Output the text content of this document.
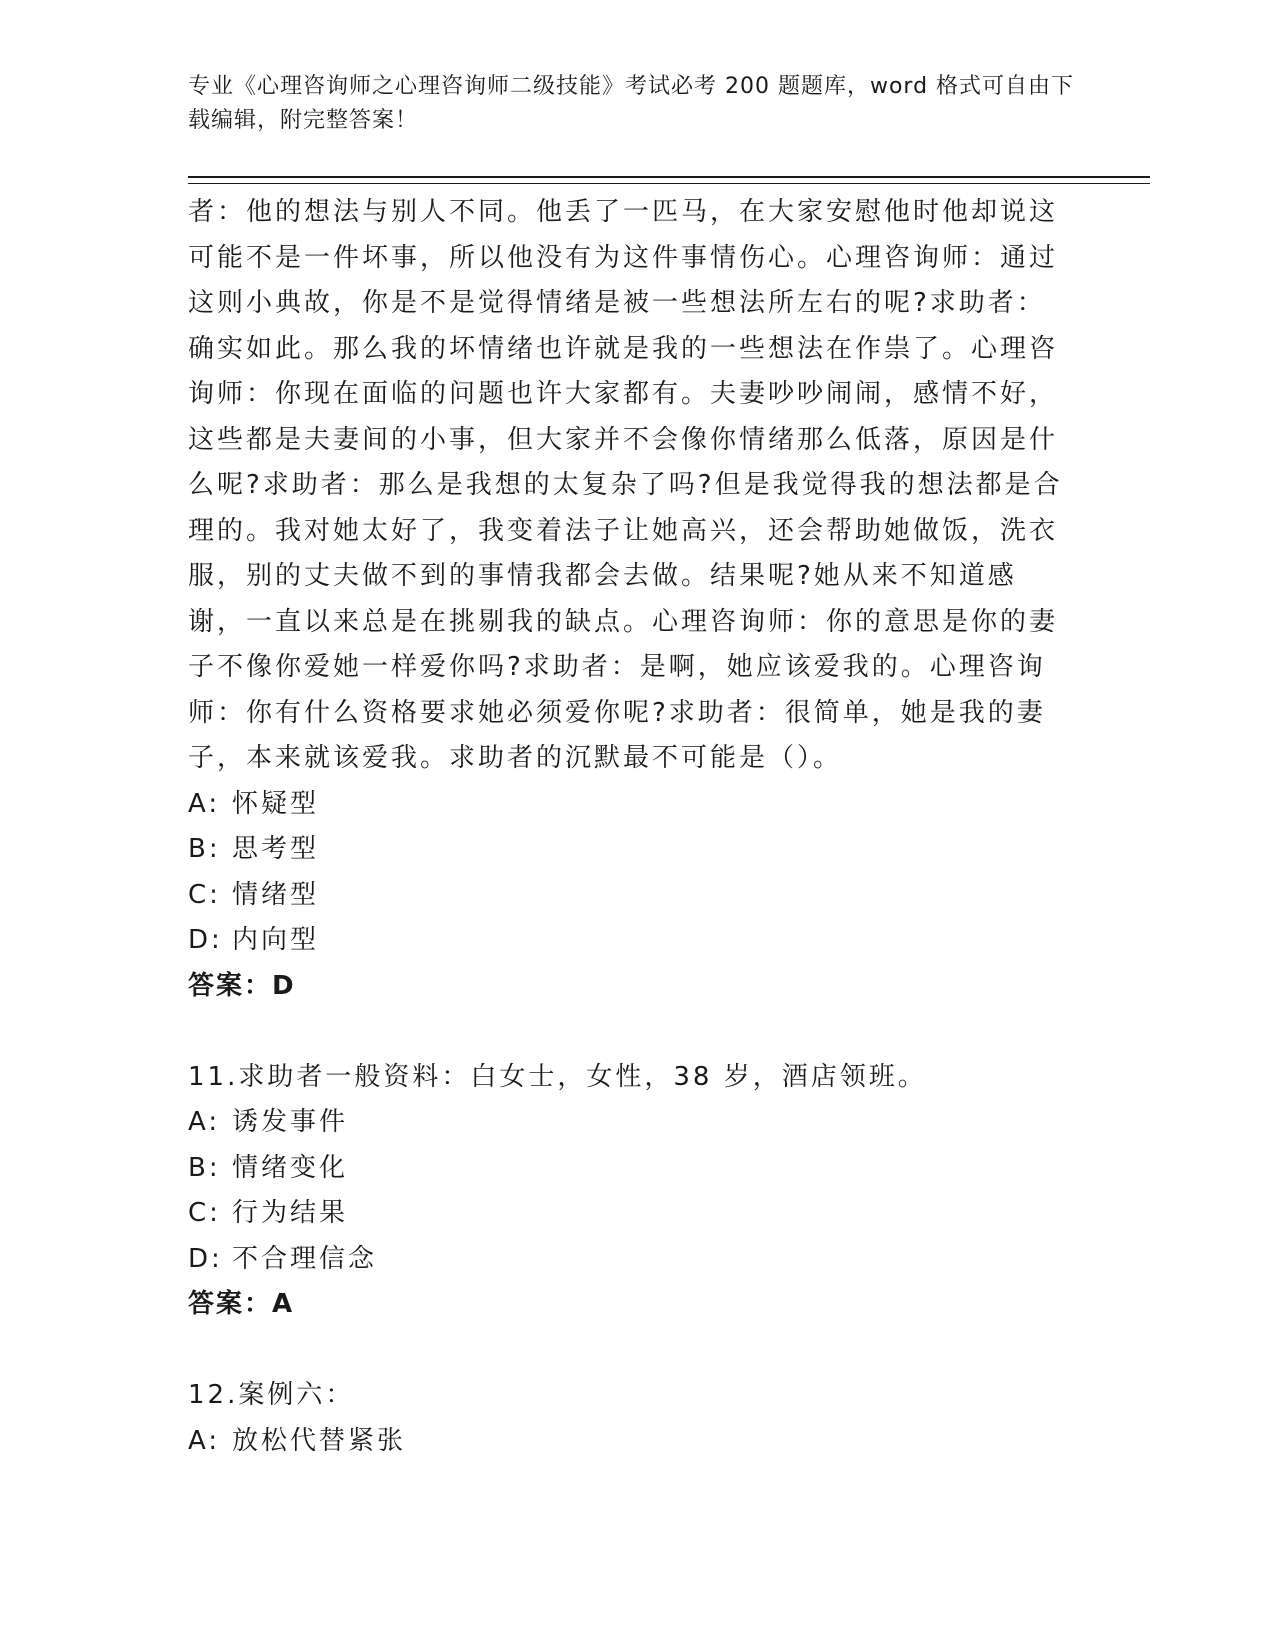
专业《心理咨询师之心理咨询师二级技能》考试必考 200 题题库，word 格式可自由下载编辑，附完整答案！
者：他的想法与别人不同。他丢了一匹马，在大家安慰他时他却说这可能不是一件坏事，所以他没有为这件事情伤心。心理咨询师：通过这则小典故，你是不是觉得情绪是被一些想法所左右的呢?求助者：确实如此。那么我的坏情绪也许就是我的一些想法在作祟了。心理咨询师：你现在面临的问题也许大家都有。夫妻吵吵闹闹，感情不好，这些都是夫妻间的小事，但大家并不会像你情绪那么低落，原因是什么呢?求助者：那么是我想的太复杂了吗?但是我觉得我的想法都是合理的。我对她太好了，我变着法子让她高兴，还会帮助她做饭，洗衣服，别的丈夫做不到的事情我都会去做。结果呢?她从来不知道感谢，一直以来总是在挑剔我的缺点。心理咨询师：你的意思是你的妻子不像你爱她一样爱你吗?求助者：是啊，她应该爱我的。心理咨询师：你有什么资格要求她必须爱你呢?求助者：很简单，她是我的妻子，本来就该爱我。求助者的沉默最不可能是（）。
A: 怀疑型
B: 思考型
C: 情绪型
D: 内向型
答案：D
11.求助者一般资料：白女士，女性，38 岁，酒店领班。
A: 诱发事件
B: 情绪变化
C: 行为结果
D: 不合理信念
答案：A
12.案例六：
A: 放松代替紧张
